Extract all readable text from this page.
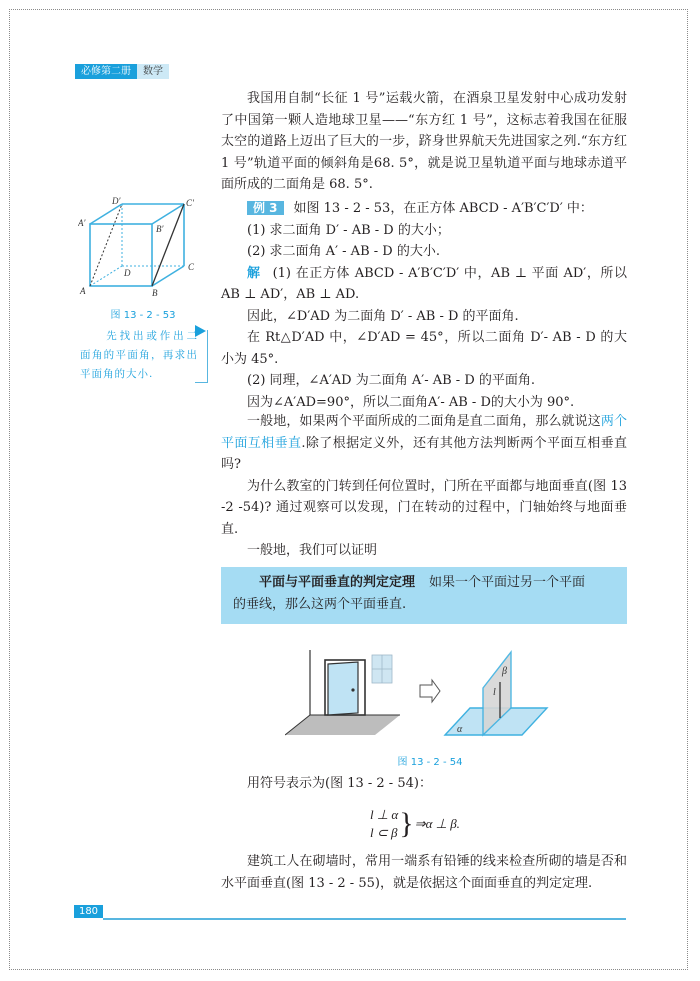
必修第二册	数学

我国用自制“长征 1 号”运载火箭，在酒泉卫星发射中心成功发射了中国第一颗人造地球卫星——“东方红 1 号”，这标志着我国在征服太空的道路上迈出了巨大的一步，跻身世界航天先进国家之列.“东方红 1 号”轨道平面的倾斜角是68. 5°，就是说卫星轨道平面与地球赤道平面所成的二面角是 68. 5°.

A	B
C
D
A′
B′
C′
D′
图 13 - 2 - 53
先找出或作出二面角的平面角，再求出平面角的大小.

例 3 如图 13 - 2 - 53，在正方体 ABCD - A′B′C′D′ 中：

(1) 求二面角 D′ - AB - D 的大小；

(2) 求二面角 A′ - AB - D 的大小.

解 (1) 在正方体 ABCD - A′B′C′D′ 中，AB ⊥ 平面 AD′，所以 AB ⊥ AD′，AB ⊥ AD.

因此，∠D′AD 为二面角 D′ - AB - D 的平面角.

在 Rt△D′AD 中，∠D′AD = 45°，所以二面角 D′- AB - D 的大小为 45°.

(2) 同理，∠A′AD 为二面角 A′- AB - D 的平面角.

因为∠A′AD=90°，所以二面角A′- AB - D的大小为 90°.

一般地，如果两个平面所成的二面角是直二面角，那么就说这两个平面互相垂直.除了根据定义外，还有其他方法判断两个平面互相垂直吗?

为什么教室的门转到任何位置时，门所在平面都与地面垂直(图 13 -2 -54)? 通过观察可以发现，门在转动的过程中，门轴始终与地面垂直.

一般地，我们可以证明

平面与平面垂直的判定定理 如果一个平面过另一个平面

的垂线，那么这两个平面垂直.

l
β
α
图 13 - 2 - 54

用符号表示为(图 13 - 2 - 54)：

l ⊥ α
l ⊂ β } ⇒α ⊥ β.

建筑工人在砌墙时，常用一端系有铅锤的线来检查所砌的墙是否和水平面垂直(图 13 - 2 - 55)，就是依据这个面面垂直的判定定理.

180
